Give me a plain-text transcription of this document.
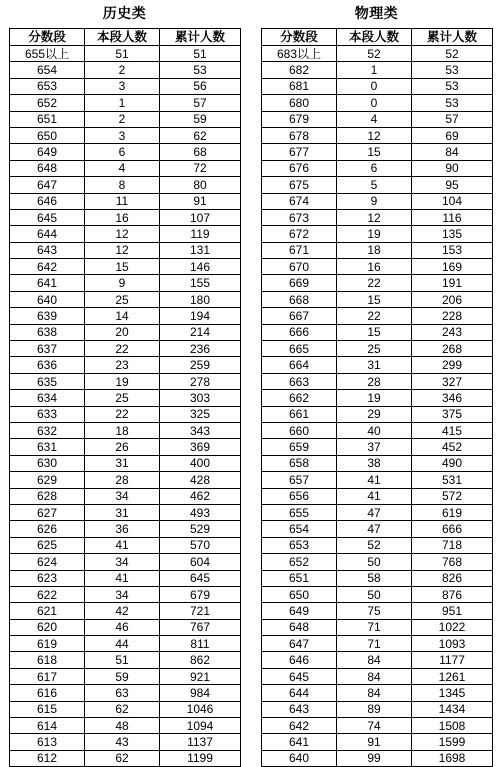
历史类
分数段	本段人数	累计人数
655以上	51	51
654	2	53
653	3	56
652	1	57
651	2	59
650	3	62
649	6	68
648	4	72
647	8	80
646	11	91
645	16	107
644	12	119
643	12	131
642	15	146
641	9	155
640	25	180
639	14	194
638	20	214
637	22	236
636	23	259
635	19	278
634	25	303
633	22	325
632	18	343
631	26	369
630	31	400
629	28	428
628	34	462
627	31	493
626	36	529
625	41	570
624	34	604
623	41	645
622	34	679
621	42	721
620	46	767
619	44	811
618	51	862
617	59	921
616	63	984
615	62	1046
614	48	1094
613	43	1137
612	62	1199
物理类
分数段	本段人数	累计人数
683以上	52	52
682	1	53
681	0	53
680	0	53
679	4	57
678	12	69
677	15	84
676	6	90
675	5	95
674	9	104
673	12	116
672	19	135
671	18	153
670	16	169
669	22	191
668	15	206
667	22	228
666	15	243
665	25	268
664	31	299
663	28	327
662	19	346
661	29	375
660	40	415
659	37	452
658	38	490
657	41	531
656	41	572
655	47	619
654	47	666
653	52	718
652	50	768
651	58	826
650	50	876
649	75	951
648	71	1022
647	71	1093
646	84	1177
645	84	1261
644	84	1345
643	89	1434
642	74	1508
641	91	1599
640	99	1698
